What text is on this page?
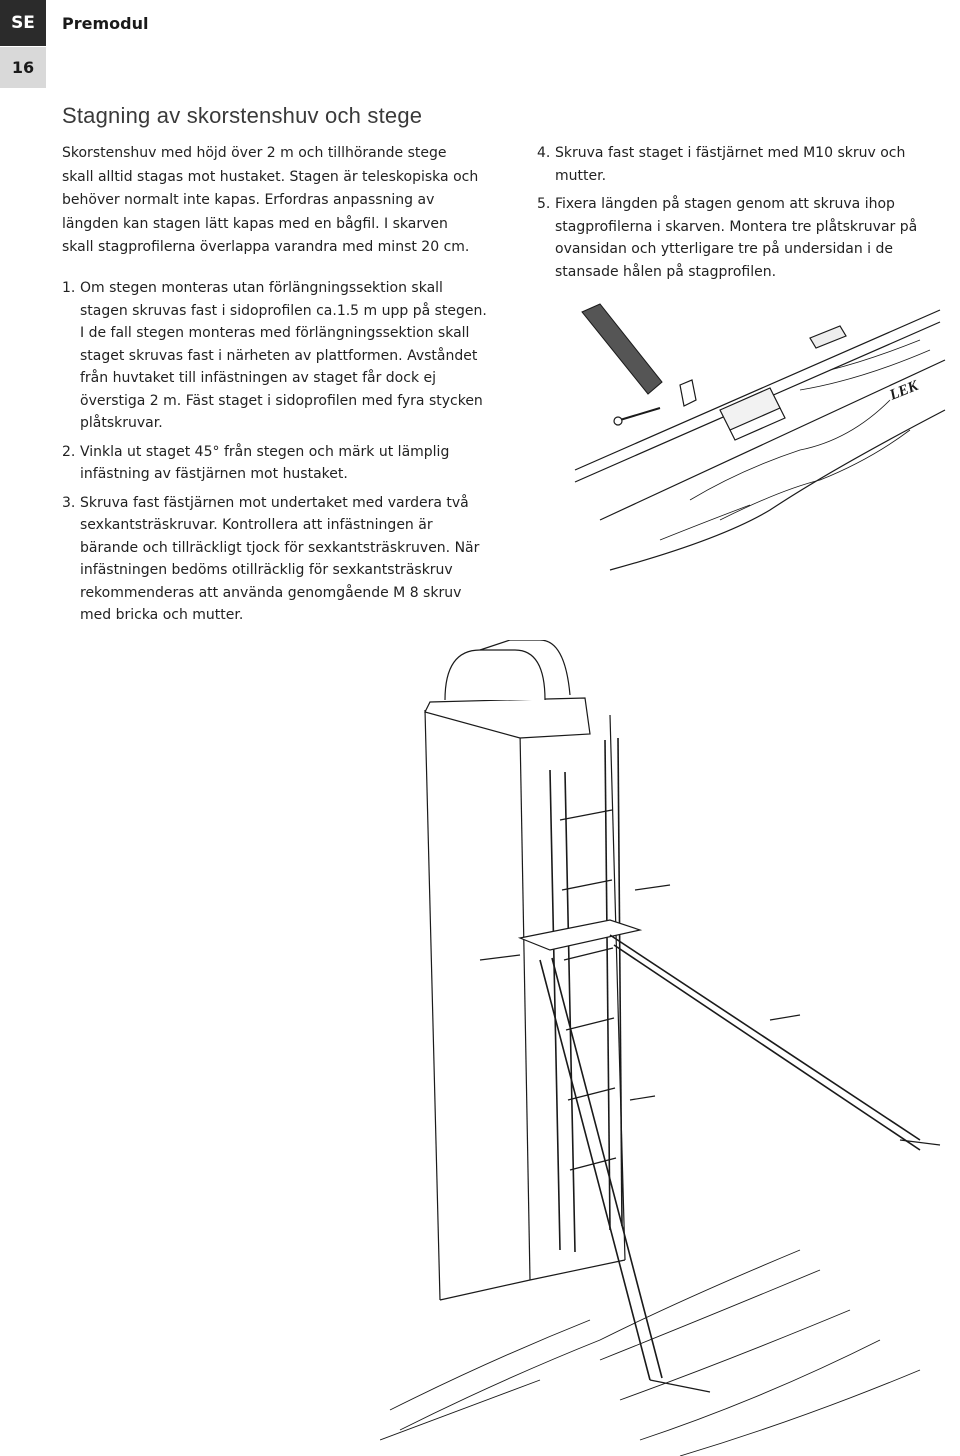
SE
16
Premodul
Stagning av skorstenshuv och stege
Skorstenshuv med höjd över 2 m och tillhörande stege skall alltid stagas mot hustaket. Stagen är teleskopiska och behöver normalt inte kapas. Erfordras anpassning av längden kan stagen lätt kapas med en bågfil. I skarven skall stagprofilerna överlappa varandra med minst 20 cm.
1. Om stegen monteras utan förlängningssektion skall stagen skruvas fast i sidoprofilen ca.1.5 m upp på stegen. I de fall stegen monteras med förlängningssektion skall staget skruvas fast i närheten av plattformen. Avståndet från huvtaket till infästningen av staget får dock ej överstiga 2 m. Fäst staget i sidoprofilen med fyra stycken plåtskruvar.
2. Vinkla ut staget 45° från stegen och märk ut lämplig infästning av fästjärnen mot hustaket.
3. Skruva fast fästjärnen mot undertaket med vardera två sexkantsträskruvar. Kontrollera att infästningen är bärande och tillräckligt tjock för sexkantsträskruven. När infästningen bedöms otillräcklig för sexkantsträskruv rekommenderas att använda genomgående M 8 skruv med bricka och mutter.
4. Skruva fast staget i fästjärnet med M10 skruv och mutter.
5. Fixera längden på stagen genom att skruva ihop stagprofilerna i skarven. Montera tre plåtskruvar på ovansidan och ytterligare tre på undersidan i de stansade hålen på stagprofilen.
LEK
